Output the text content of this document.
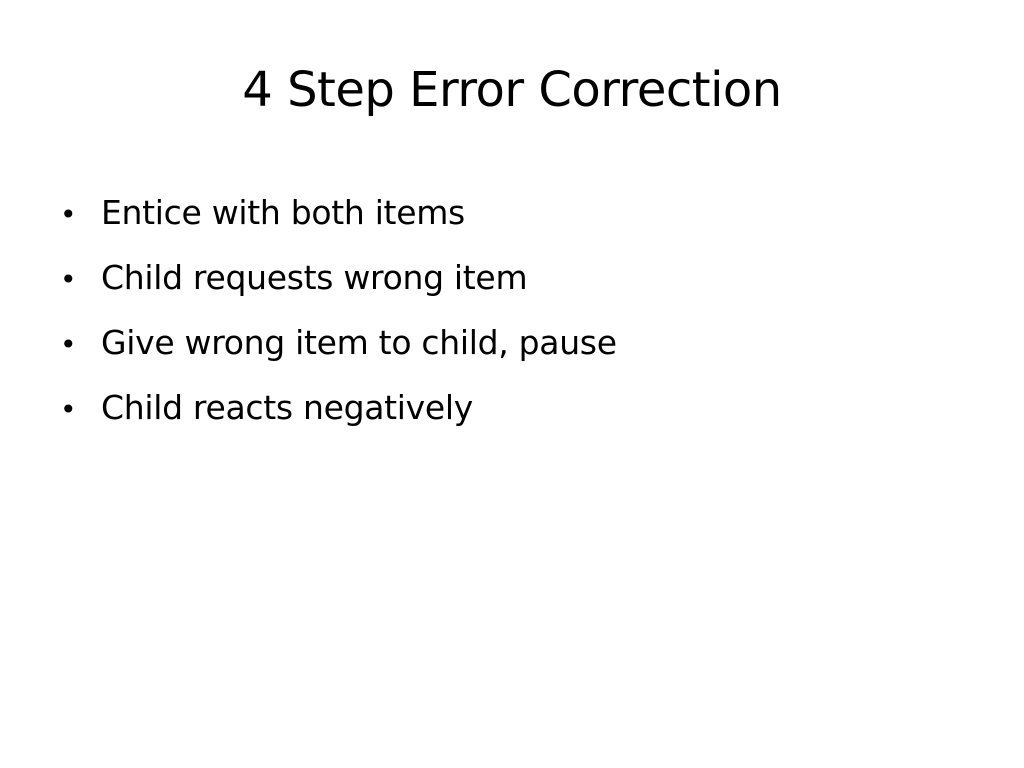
4 Step Error Correction
• Entice with both items
• Child requests wrong item
• Give wrong item to child, pause
• Child reacts negatively
